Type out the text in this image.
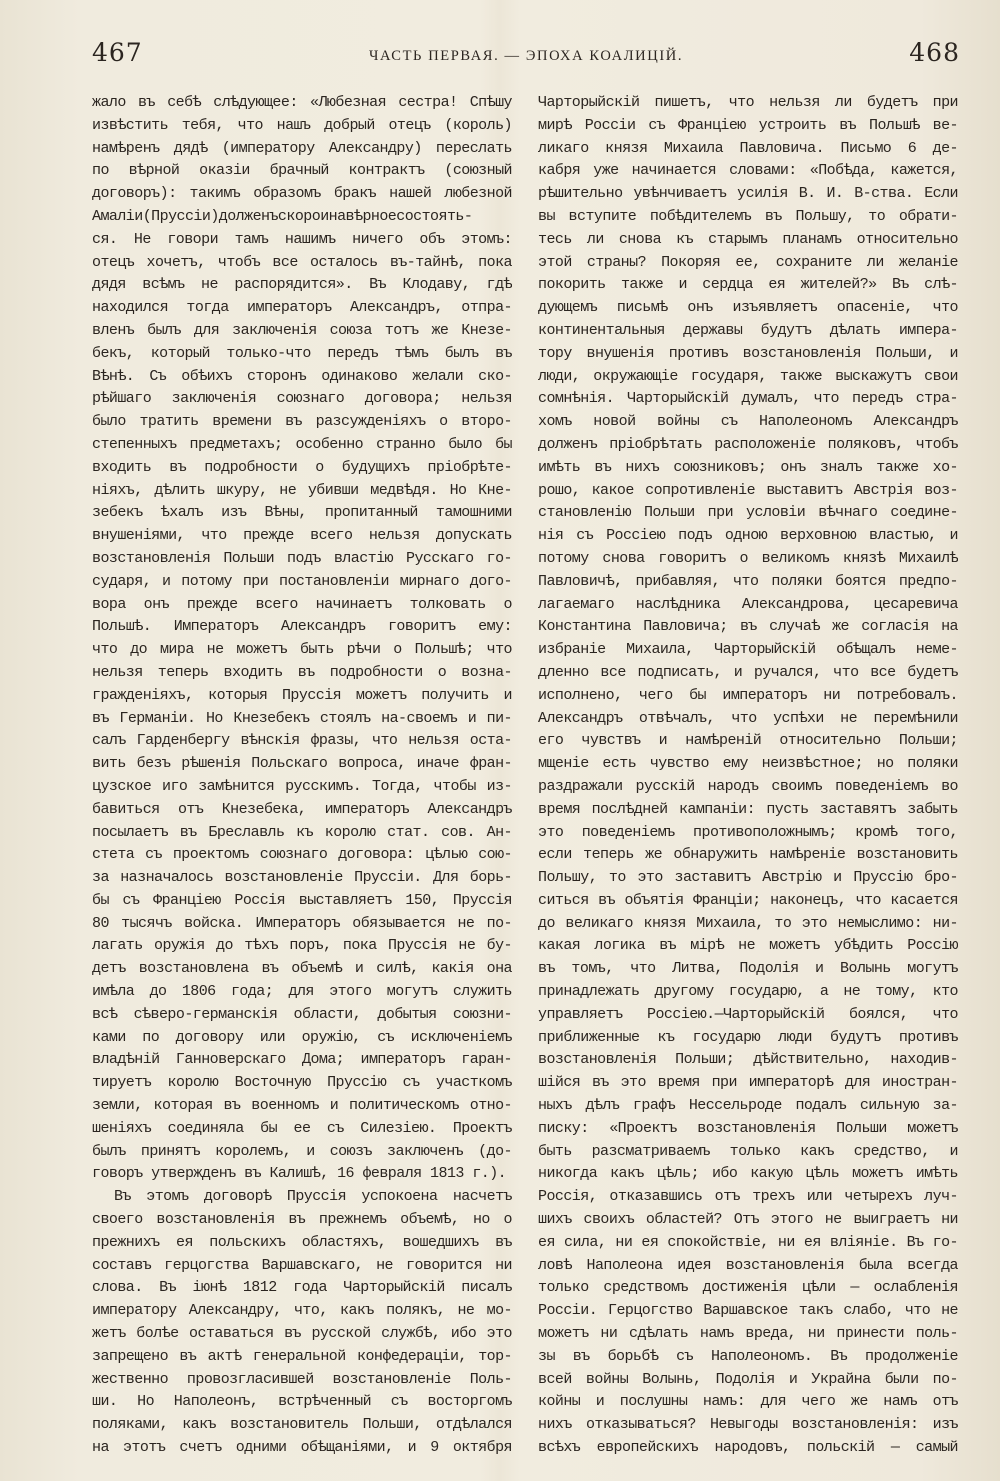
467	ЧАСТЬ ПЕРВАЯ. — ЭПОХА КОАЛИЦІЙ.	468
жало въ себѣ слѣдующее: «Любезная сестра! Спѣшу
извѣстить тебя, что нашъ добрый отецъ (король)
намѣренъ дядѣ (императору Александру) переслать
по вѣрной оказіи брачный контрактъ (союзный
договоръ): такимъ образомъ бракъ нашей любезной
Амаліи(Пруссіи)долженъскороинавѣрноесостоять-
ся. Не говори тамъ нашимъ ничего объ этомъ:
отецъ хочетъ, чтобъ все осталось въ-тайнѣ, пока
дядя всѣмъ не распорядится». Въ Клодаву, гдѣ
находился тогда императоръ Александръ, отпра-
вленъ былъ для заключенія союза тотъ же Кнезе-
бекъ, который только-что передъ тѣмъ былъ въ
Вѣнѣ. Съ обѣихъ сторонъ одинаково желали ско-
рѣйшаго заключенія союзнаго договора; нельзя
было тратить времени въ разсужденіяхъ о второ-
степенныхъ предметахъ; особенно странно было бы
входить въ подробности о будущихъ пріобрѣте-
ніяхъ, дѣлить шкуру, не убивши медвѣдя. Но Кне-
зебекъ ѣхалъ изъ Вѣны, пропитанный тамошними
внушеніями, что прежде всего нельзя допускать
возстановленія Польши подъ властію Русскаго го-
сударя, и потому при постановленіи мирнаго дого-
вора онъ прежде всего начинаетъ толковать о
Польшѣ. Императоръ Александръ говоритъ ему:
что до мира не можетъ быть рѣчи о Польшѣ; что
нельзя теперь входить въ подробности о возна-
гражденіяхъ, которыя Пруссія можетъ получить и
въ Германіи. Но Кнезебекъ стоялъ на-своемъ и пи-
салъ Гарденбергу вѣнскія фразы, что нельзя оста-
вить безъ рѣшенія Польскаго вопроса, иначе фран-
цузское иго замѣнится русскимъ. Тогда, чтобы из-
бавиться отъ Кнезебека, императоръ Александръ
посылаетъ въ Бреславль къ королю стат. сов. Ан-
стета съ проектомъ союзнаго договора: цѣлью сою-
за назначалось возстановленіе Пруссіи. Для борь-
бы съ Франціею Россія выставляетъ 150, Пруссія
80 тысячъ войска. Императоръ обязывается не по-
лагать оружія до тѣхъ поръ, пока Пруссія не бу-
детъ возстановлена въ объемѣ и силѣ, какія она
имѣла до 1806 года; для этого могутъ служить
всѣ сѣверо-германскія области, добытыя союзни-
ками по договору или оружію, съ исключеніемъ
владѣній Ганноверскаго Дома; императоръ гаран-
тируетъ королю Восточную Пруссію съ участкомъ
земли, которая въ военномъ и политическомъ отно-
шеніяхъ соединяла бы ее съ Силезіею. Проектъ
былъ принятъ королемъ, и союзъ заключенъ (до-
говоръ утвержденъ въ Калишѣ, 16 февраля 1813 г.).
Въ этомъ договорѣ Пруссія успокоена насчетъ
своего возстановленія въ прежнемъ объемѣ, но о
прежнихъ ея польскихъ областяхъ, вошедшихъ въ
составъ герцогства Варшавскаго, не говорится ни
слова. Въ іюнѣ 1812 года Чарторыйскій писалъ
императору Александру, что, какъ полякъ, не мо-
жетъ болѣе оставаться въ русской службѣ, ибо это
запрещено въ актѣ генеральной конфедераціи, тор-
жественно провозгласившей возстановленіе Поль-
ши. Но Наполеонъ, встрѣченный съ восторгомъ
поляками, какъ возстановитель Польши, отдѣлался
на этотъ счетъ одними обѣщаніями, и 9 октября
Чарторыйскій пишетъ, что нельзя ли будетъ при
мирѣ Россіи съ Франціею устроить въ Польшѣ ве-
ликаго князя Михаила Павловича. Письмо 6 де-
кабря уже начинается словами: «Побѣда, кажется,
рѣшительно увѣнчиваетъ усилія В. И. В-ства. Если
вы вступите побѣдителемъ въ Польшу, то обрати-
тесь ли снова къ старымъ планамъ относительно
этой страны? Покоряя ее, сохраните ли желаніе
покорить также и сердца ея жителей?» Въ слѣ-
дующемъ письмѣ онъ изъявляетъ опасеніе, что
континентальныя державы будутъ дѣлать импера-
тору внушенія противъ возстановленія Польши, и
люди, окружающіе государя, также выскажутъ свои
сомнѣнія. Чарторыйскій думалъ, что передъ стра-
хомъ новой войны съ Наполеономъ Александръ
долженъ пріобрѣтать расположеніе поляковъ, чтобъ
имѣть въ нихъ союзниковъ; онъ зналъ также хо-
рошо, какое сопротивленіе выставитъ Австрія воз-
становленію Польши при условіи вѣчнаго соедине-
нія съ Россіею подъ одною верховною властью, и
потому снова говоритъ о великомъ князѣ Михаилѣ
Павловичѣ, прибавляя, что поляки боятся предпо-
лагаемаго наслѣдника Александрова, цесаревича
Константина Павловича; въ случаѣ же согласія на
избраніе Михаила, Чарторыйскій обѣщалъ неме-
дленно все подписать, и ручался, что все будетъ
исполнено, чего бы императоръ ни потребовалъ.
Александръ отвѣчалъ, что успѣхи не перемѣнили
его чувствъ и намѣреній относительно Польши;
мщеніе есть чувство ему неизвѣстное; но поляки
раздражали русскій народъ своимъ поведеніемъ во
время послѣдней кампаніи: пусть заставятъ забыть
это поведеніемъ противоположнымъ; кромѣ того,
если теперь же обнаружить намѣреніе возстановить
Польшу, то это заставитъ Австрію и Пруссію бро-
ситься въ объятія Франціи; наконецъ, что касается
до великаго князя Михаила, то это немыслимо: ни-
какая логика въ мірѣ не можетъ убѣдить Россію
въ томъ, что Литва, Подолія и Волынь могутъ
принадлежать другому государю, а не тому, кто
управляетъ Россіею.—Чарторыйскій боялся, что
приближенные къ государю люди будутъ противъ
возстановленія Польши; дѣйствительно, находив-
шійся въ это время при императорѣ для иностран-
ныхъ дѣлъ графъ Нессельроде подалъ сильную за-
писку: «Проектъ возстановленія Польши можетъ
быть разсматриваемъ только какъ средство, и
никогда какъ цѣль; ибо какую цѣль можетъ имѣть
Россія, отказавшись отъ трехъ или четырехъ луч-
шихъ своихъ областей? Отъ этого не выиграетъ ни
ея сила, ни ея спокойствіе, ни ея вліяніе. Въ го-
ловѣ Наполеона идея возстановленія была всегда
только средствомъ достиженія цѣли — ослабленія
Россіи. Герцогство Варшавское такъ слабо, что не
можетъ ни сдѣлать намъ вреда, ни принести поль-
зы въ борьбѣ съ Наполеономъ. Въ продолженіе
всей войны Волынь, Подолія и Украйна были по-
койны и послушны намъ: для чего же намъ отъ
нихъ отказываться? Невыгоды возстановленія: изъ
всѣхъ европейскихъ народовъ, польскій — самый
